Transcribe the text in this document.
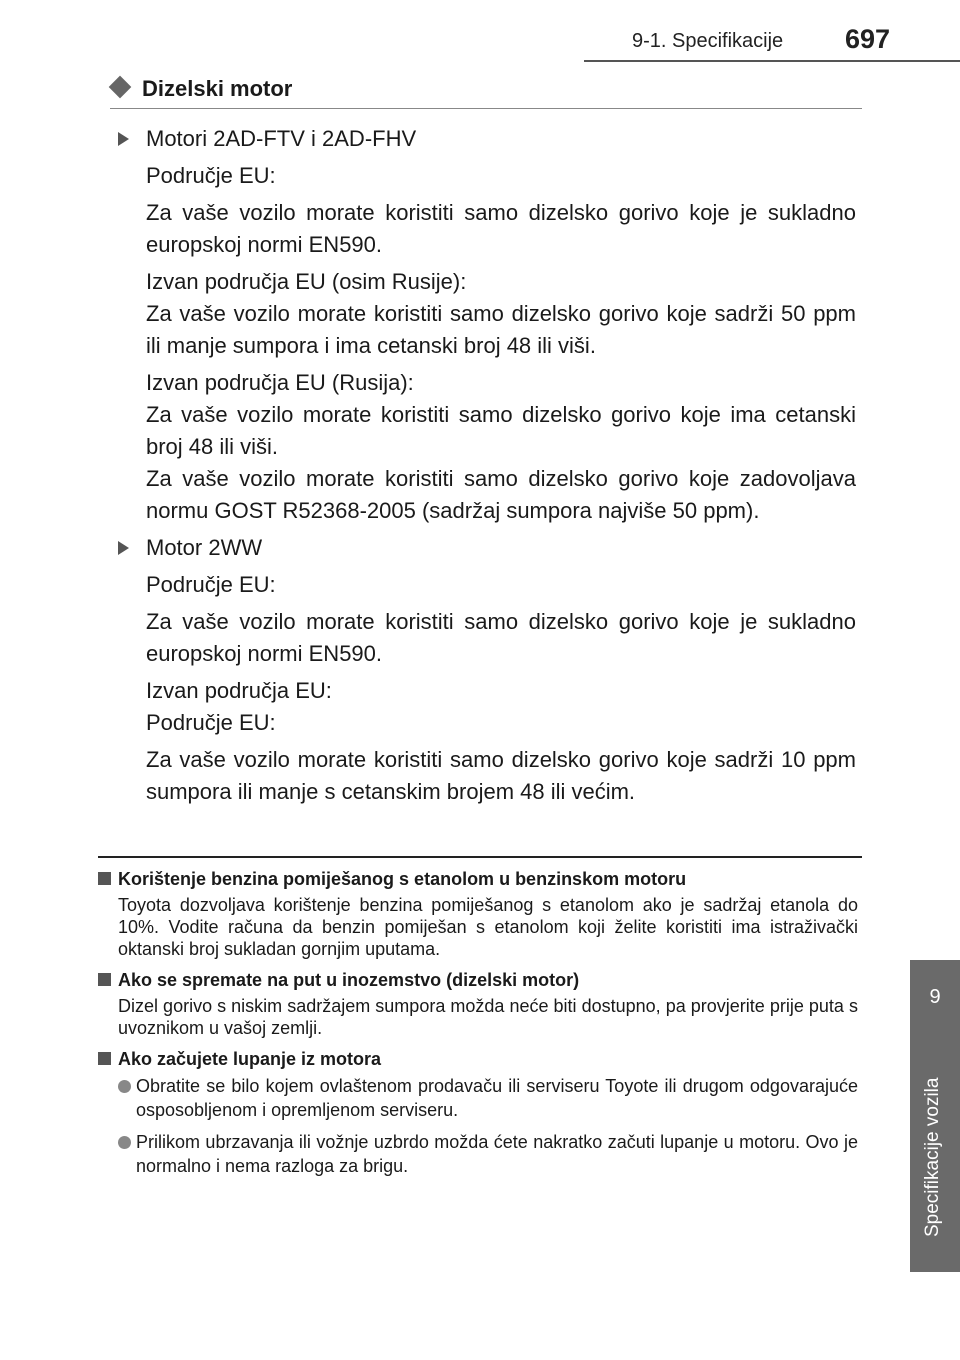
9-1. Specifikacije 697
9
Specifikacije vozila
Dizelski motor

Motori 2AD-FTV i 2AD-FHV

Područje EU:

Za vaše vozilo morate koristiti samo dizelsko gorivo koje je sukladno europskoj normi EN590.

Izvan područja EU (osim Rusije):

Za vaše vozilo morate koristiti samo dizelsko gorivo koje sadrži 50 ppm ili manje sumpora i ima cetanski broj 48 ili viši.

Izvan područja EU (Rusija):

Za vaše vozilo morate koristiti samo dizelsko gorivo koje ima cetanski broj 48 ili viši.

Za vaše vozilo morate koristiti samo dizelsko gorivo koje zadovoljava normu GOST R52368-2005 (sadržaj sumpora najviše 50 ppm).

Motor 2WW

Područje EU:

Za vaše vozilo morate koristiti samo dizelsko gorivo koje je sukladno europskoj normi EN590.

Izvan područja EU:

Područje EU:

Za vaše vozilo morate koristiti samo dizelsko gorivo koje sadrži 10 ppm sumpora ili manje s cetanskim brojem 48 ili većim.

Korištenje benzina pomiješanog s etanolom u benzinskom motoru

Toyota dozvoljava korištenje benzina pomiješanog s etanolom ako je sadržaj etanola do 10%. Vodite računa da benzin pomiješan s etanolom koji želite koristiti ima istraživački oktanski broj sukladan gornjim uputama.

Ako se spremate na put u inozemstvo (dizelski motor)

Dizel gorivo s niskim sadržajem sumpora možda neće biti dostupno, pa provjerite prije puta s uvoznikom u vašoj zemlji.

Ako začujete lupanje iz motora

Obratite se bilo kojem ovlaštenom prodavaču ili serviseru Toyote ili drugom odgovarajuće osposobljenom i opremljenom serviseru.

Prilikom ubrzavanja ili vožnje uzbrdo možda ćete nakratko začuti lupanje u motoru. Ovo je normalno i nema razloga za brigu.
